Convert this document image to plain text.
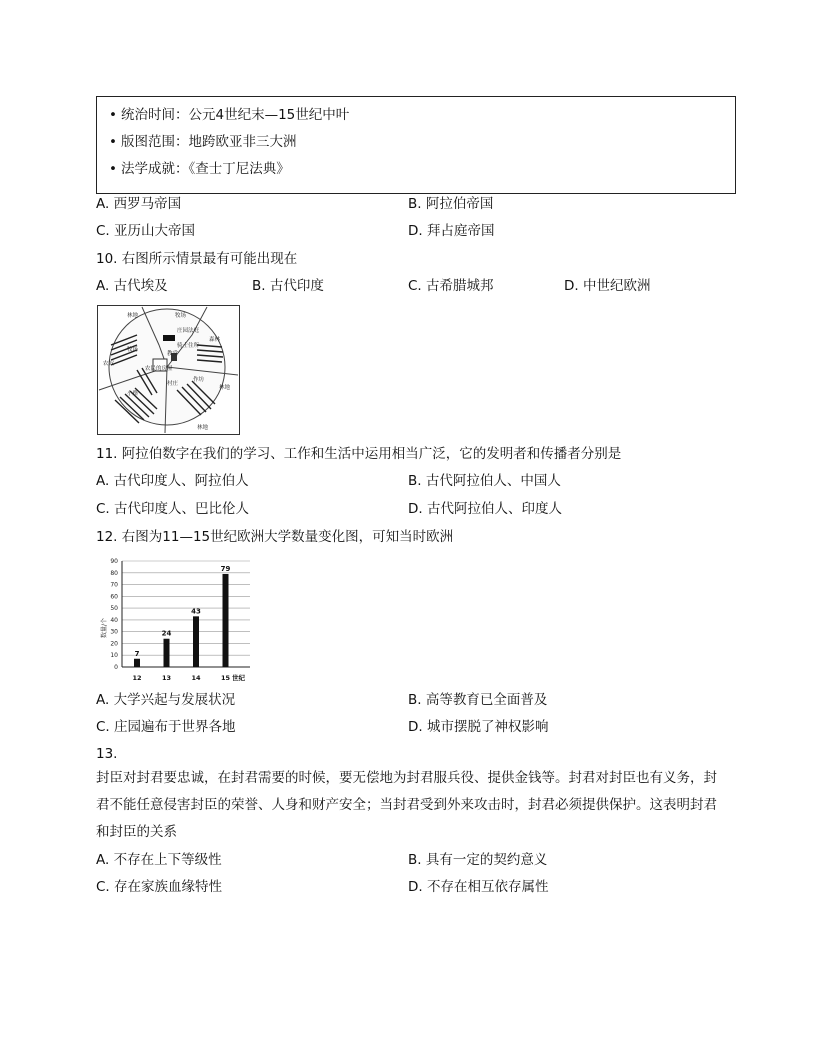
• 统治时间：公元4世纪末—15世纪中叶
• 版图范围：地跨欧亚非三大洲
• 法学成就：《查士丁尼法典》
A. 西罗马帝国	B. 阿拉伯帝国
C. 亚历山大帝国	D. 拜占庭帝国
10. 右图所示情景最有可能出现在
A. 古代埃及	B. 古代印度	C. 古希腊城邦	D. 中世纪欧洲
林地	牧场
庄园法庭
骑士住所
教堂
农奴
牧场
森林
农民的房屋
作坊
林地
小路
村庄
林地
11. 阿拉伯数字在我们的学习、工作和生活中运用相当广泛，它的发明者和传播者分别是
A. 古代印度人、阿拉伯人	B. 古代阿拉伯人、中国人
C. 古代印度人、巴比伦人	D. 古代阿拉伯人、印度人
12. 右图为11—15世纪欧洲大学数量变化图，可知当时欧洲
0
10
20
30
40
50
60
70
80
90
7
24
43
79
12	13	14	15
数量/个
世纪
A. 大学兴起与发展状况	B. 高等教育已全面普及
C. 庄园遍布于世界各地	D. 城市摆脱了神权影响
13.
封臣对封君要忠诚，在封君需要的时候，要无偿地为封君服兵役、提供金钱等。封君对封臣也有义务，封君不能任意侵害封臣的荣誉、人身和财产安全；当封君受到外来攻击时，封君必须提供保护。这表明封君和封臣的关系
A. 不存在上下等级性	B. 具有一定的契约意义
C. 存在家族血缘特性	D. 不存在相互依存属性
